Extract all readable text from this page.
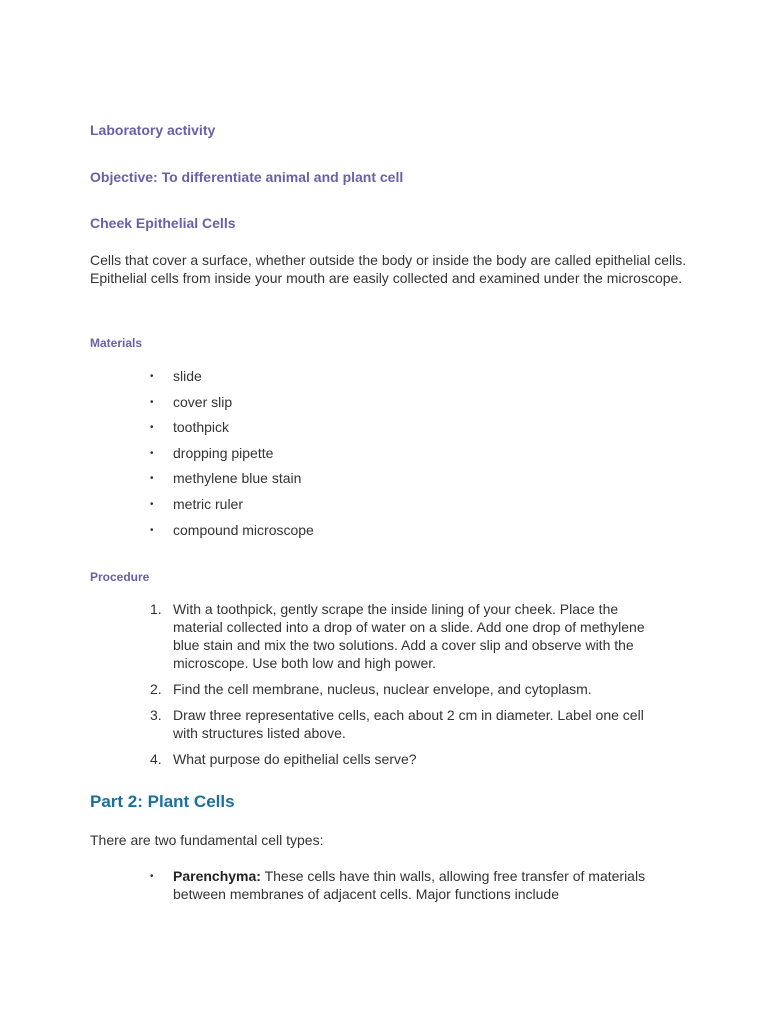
Laboratory activity
Objective: To differentiate animal and plant cell
Cheek Epithelial Cells

Cells that cover a surface, whether outside the body or inside the body are called epithelial cells. Epithelial cells from inside your mouth are easily collected and examined under the microscope.

Materials
• slide
• cover slip
• toothpick
• dropping pipette
• methylene blue stain
• metric ruler
• compound microscope
Procedure
1. With a toothpick, gently scrape the inside lining of your cheek. Place the material collected into a drop of water on a slide. Add one drop of methylene blue stain and mix the two solutions. Add a cover slip and observe with the microscope. Use both low and high power.
2. Find the cell membrane, nucleus, nuclear envelope, and cytoplasm.
3. Draw three representative cells, each about 2 cm in diameter. Label one cell with structures listed above.
4. What purpose do epithelial cells serve?
Part 2: Plant Cells

There are two fundamental cell types:

• Parenchyma: These cells have thin walls, allowing free transfer of materials between membranes of adjacent cells. Major functions include
